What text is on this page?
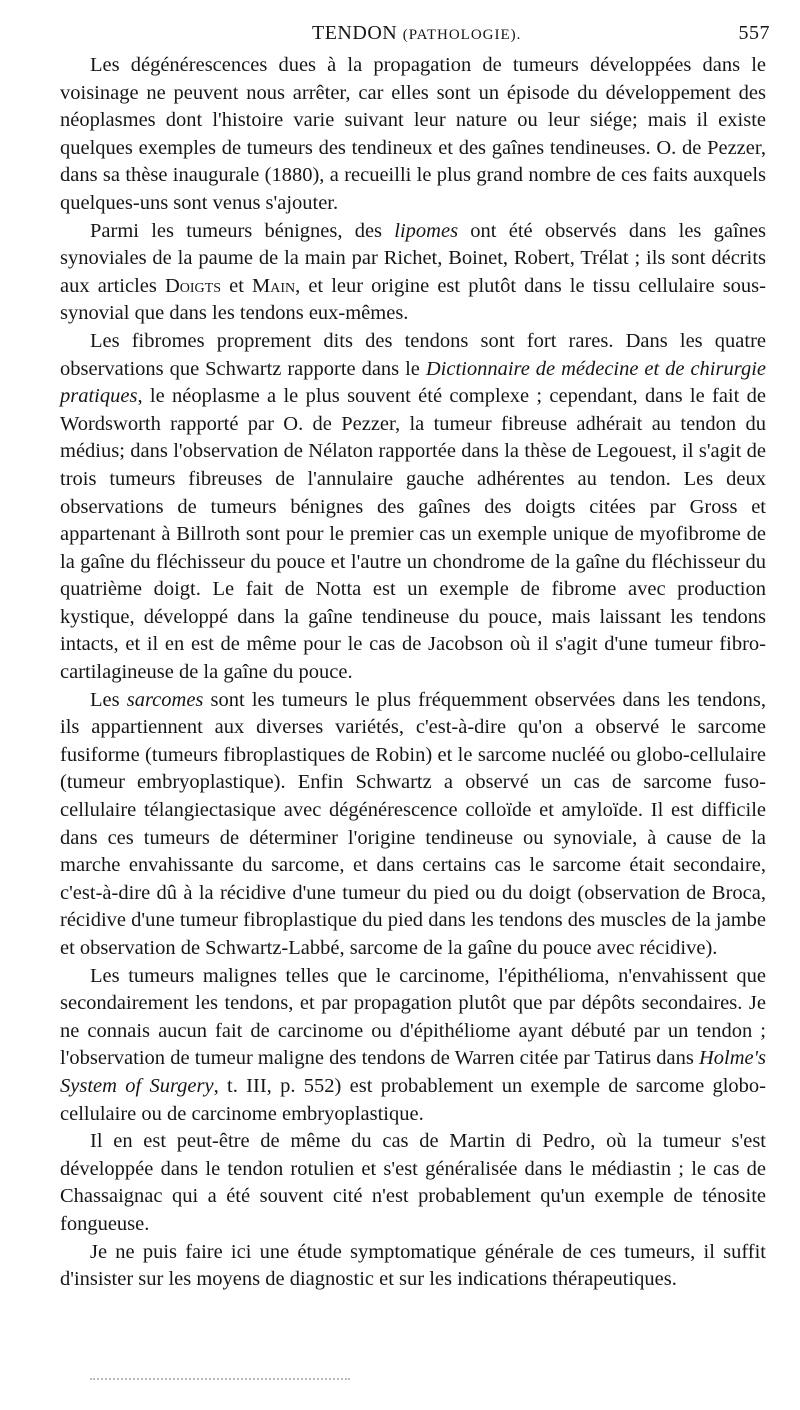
TENDON (PATHOLOGIE).	557

Les dégénérescences dues à la propagation de tumeurs développées dans le voisinage ne peuvent nous arrêter, car elles sont un épisode du développement des néoplasmes dont l'histoire varie suivant leur nature ou leur siége; mais il existe quelques exemples de tumeurs des tendineux et des gaînes tendineuses. O. de Pezzer, dans sa thèse inaugurale (1880), a recueilli le plus grand nombre de ces faits auxquels quelques-uns sont venus s'ajouter.

Parmi les tumeurs bénignes, des lipomes ont été observés dans les gaînes synoviales de la paume de la main par Richet, Boinet, Robert, Trélat ; ils sont décrits aux articles Doigts et Main, et leur origine est plutôt dans le tissu cellulaire sous-synovial que dans les tendons eux-mêmes.

Les fibromes proprement dits des tendons sont fort rares. Dans les quatre observations que Schwartz rapporte dans le Dictionnaire de médecine et de chirurgie pratiques, le néoplasme a le plus souvent été complexe ; cependant, dans le fait de Wordsworth rapporté par O. de Pezzer, la tumeur fibreuse adhérait au tendon du médius; dans l'observation de Nélaton rapportée dans la thèse de Legouest, il s'agit de trois tumeurs fibreuses de l'annulaire gauche adhérentes au tendon. Les deux observations de tumeurs bénignes des gaînes des doigts citées par Gross et appartenant à Billroth sont pour le premier cas un exemple unique de myofibrome de la gaîne du fléchisseur du pouce et l'autre un chondrome de la gaîne du fléchisseur du quatrième doigt. Le fait de Notta est un exemple de fibrome avec production kystique, développé dans la gaîne tendineuse du pouce, mais laissant les tendons intacts, et il en est de même pour le cas de Jacobson où il s'agit d'une tumeur fibro-cartilagineuse de la gaîne du pouce.

Les sarcomes sont les tumeurs le plus fréquemment observées dans les tendons, ils appartiennent aux diverses variétés, c'est-à-dire qu'on a observé le sarcome fusiforme (tumeurs fibroplastiques de Robin) et le sarcome nucléé ou globo-cellulaire (tumeur embryoplastique). Enfin Schwartz a observé un cas de sarcome fuso-cellulaire télangiectasique avec dégénérescence colloïde et amyloïde. Il est difficile dans ces tumeurs de déterminer l'origine tendineuse ou synoviale, à cause de la marche envahissante du sarcome, et dans certains cas le sarcome était secondaire, c'est-à-dire dû à la récidive d'une tumeur du pied ou du doigt (observation de Broca, récidive d'une tumeur fibroplastique du pied dans les tendons des muscles de la jambe et observation de Schwartz-Labbé, sarcome de la gaîne du pouce avec récidive).

Les tumeurs malignes telles que le carcinome, l'épithélioma, n'envahissent que secondairement les tendons, et par propagation plutôt que par dépôts secondaires. Je ne connais aucun fait de carcinome ou d'épithéliome ayant débuté par un tendon ; l'observation de tumeur maligne des tendons de Warren citée par Tatirus dans Holme's System of Surgery, t. III, p. 552) est probablement un exemple de sarcome globo-cellulaire ou de carcinome embryoplastique.

Il en est peut-être de même du cas de Martin di Pedro, où la tumeur s'est développée dans le tendon rotulien et s'est généralisée dans le médiastin ; le cas de Chassaignac qui a été souvent cité n'est probablement qu'un exemple de ténosite fongueuse.

Je ne puis faire ici une étude symptomatique générale de ces tumeurs, il suffit d'insister sur les moyens de diagnostic et sur les indications thérapeutiques.
